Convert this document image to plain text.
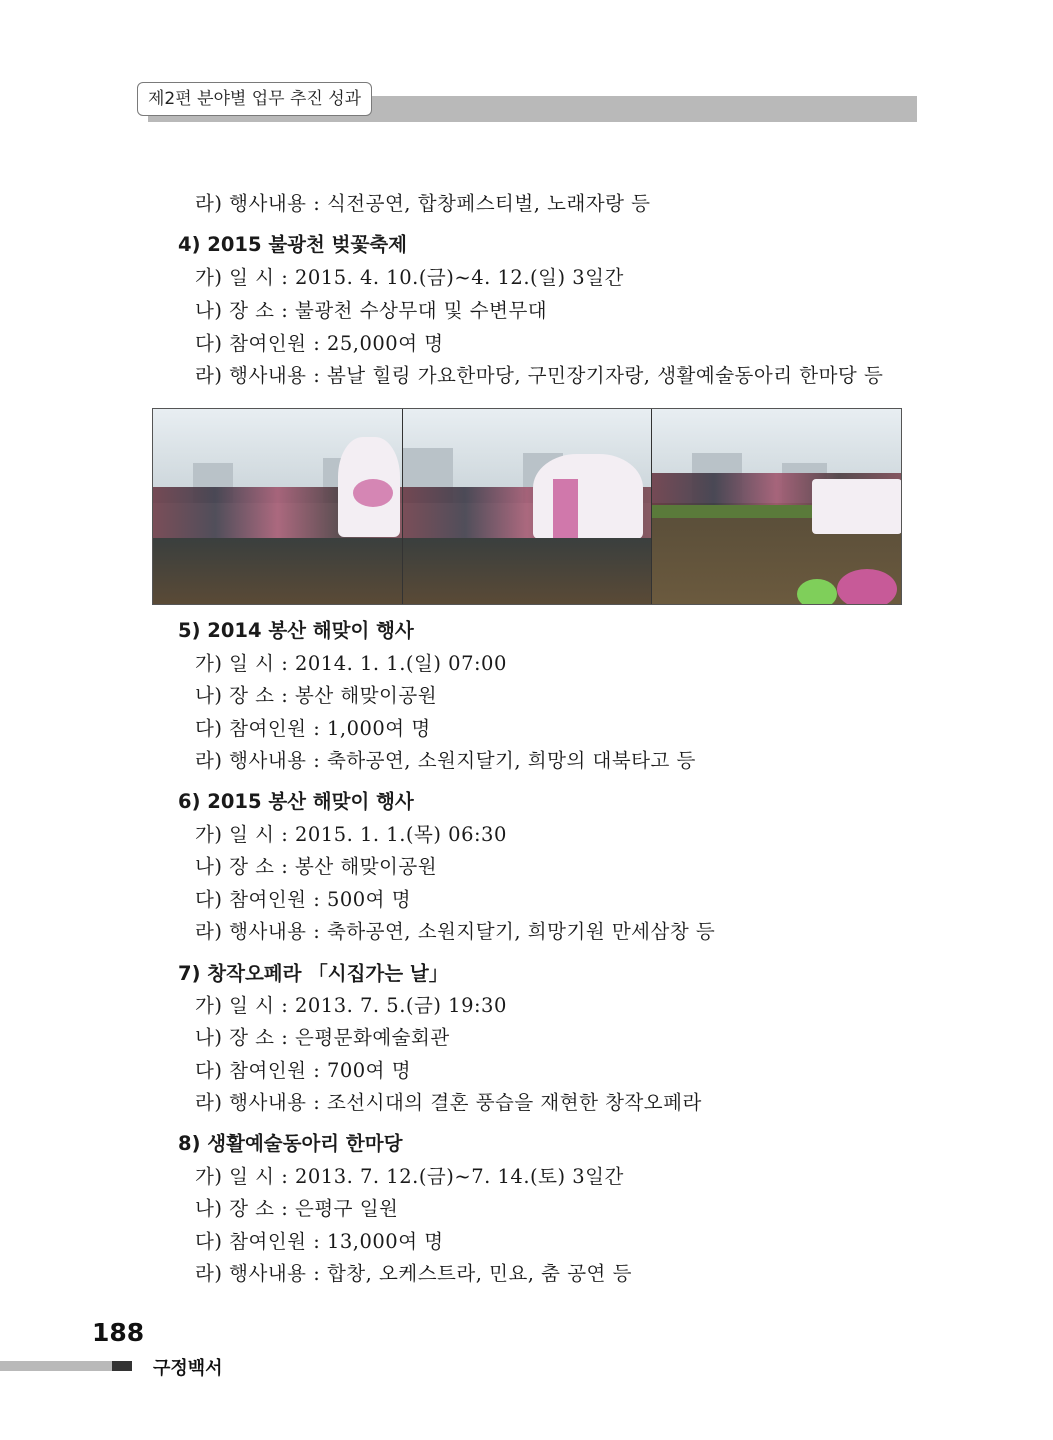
제2편 분야별 업무 추진 성과
라) 행사내용 : 식전공연, 합창페스티벌, 노래자랑 등
4) 2015 불광천 벚꽃축제
가) 일 시 : 2015. 4. 10.(금)~4. 12.(일) 3일간
나) 장 소 : 불광천 수상무대 및 수변무대
다) 참여인원 : 25,000여 명
라) 행사내용 : 봄날 힐링 가요한마당, 구민장기자랑, 생활예술동아리 한마당 등
5) 2014 봉산 해맞이 행사
가) 일 시 : 2014. 1. 1.(일) 07:00
나) 장 소 : 봉산 해맞이공원
다) 참여인원 : 1,000여 명
라) 행사내용 : 축하공연, 소원지달기, 희망의 대북타고 등
6) 2015 봉산 해맞이 행사
가) 일 시 : 2015. 1. 1.(목) 06:30
나) 장 소 : 봉산 해맞이공원
다) 참여인원 : 500여 명
라) 행사내용 : 축하공연, 소원지달기, 희망기원 만세삼창 등
7) 창작오페라 「시집가는 날」
가) 일 시 : 2013. 7. 5.(금) 19:30
나) 장 소 : 은평문화예술회관
다) 참여인원 : 700여 명
라) 행사내용 : 조선시대의 결혼 풍습을 재현한 창작오페라
8) 생활예술동아리 한마당
가) 일 시 : 2013. 7. 12.(금)~7. 14.(토) 3일간
나) 장 소 : 은평구 일원
다) 참여인원 : 13,000여 명
라) 행사내용 : 합창, 오케스트라, 민요, 춤 공연 등
188
구정백서
